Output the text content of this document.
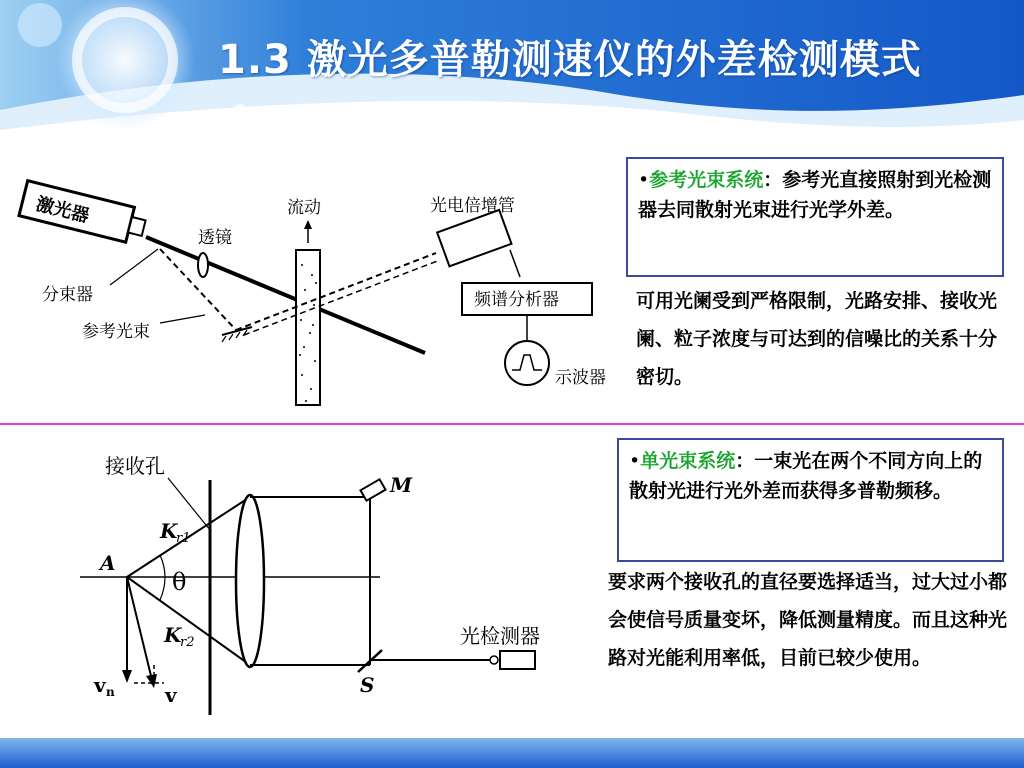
1.3 激光多普勒测速仪的外差检测模式
激光器
透镜
流动
分束器
参考光束
光电倍增管
频谱分析器
示波器
•参考光束系统：参考光直接照射到光检测器去同散射光束进行光学外差。
可用光阑受到严格限制，光路安排、接收光阑、粒子浓度与可达到的信噪比的关系十分密切。
接收孔
M
S
光检测器
A
θ
K
r1
K
r2
v n	v
•单光束系统：一束光在两个不同方向上的散射光进行光外差而获得多普勒频移。
要求两个接收孔的直径要选择适当，过大过小都会使信号质量变坏，降低测量精度。而且这种光路对光能利用率低，目前已较少使用。
